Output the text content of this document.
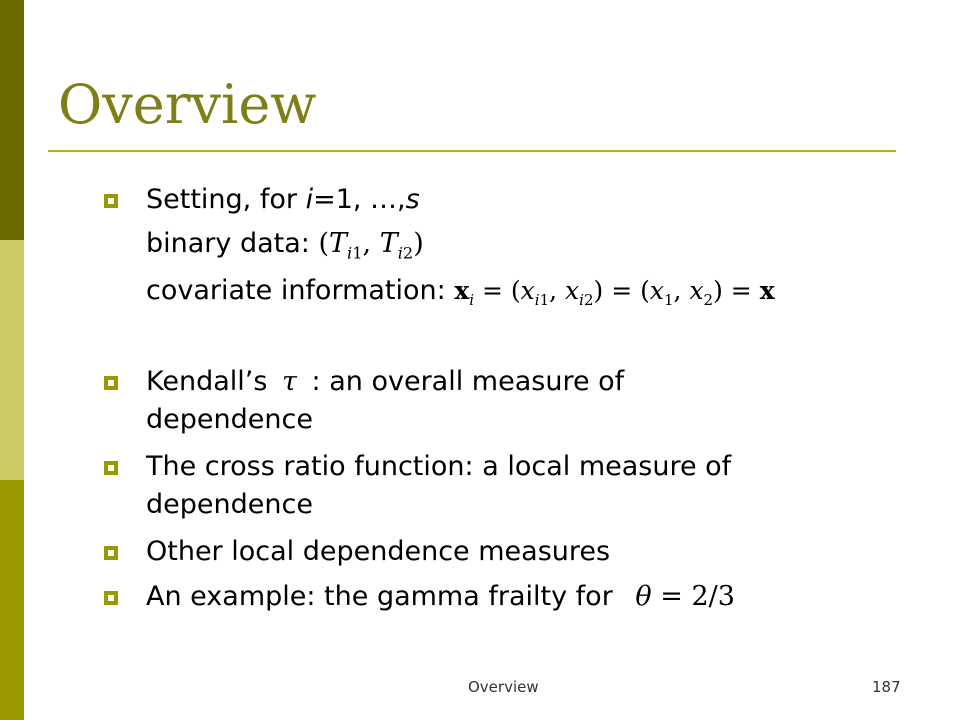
Overview
Setting, for i=1, …,s
binary data: ($T_{i1}$, $T_{i2}$)
covariate information: $x_i = (x_{i1}$, $x_{i2}) = (x_1$, $x_2) = x$
Kendall’s τ : an overall measure of
dependence
The cross ratio function: a local measure of
dependence
Other local dependence measures
An example: the gamma frailty for θ = 2/3
Overview	187
